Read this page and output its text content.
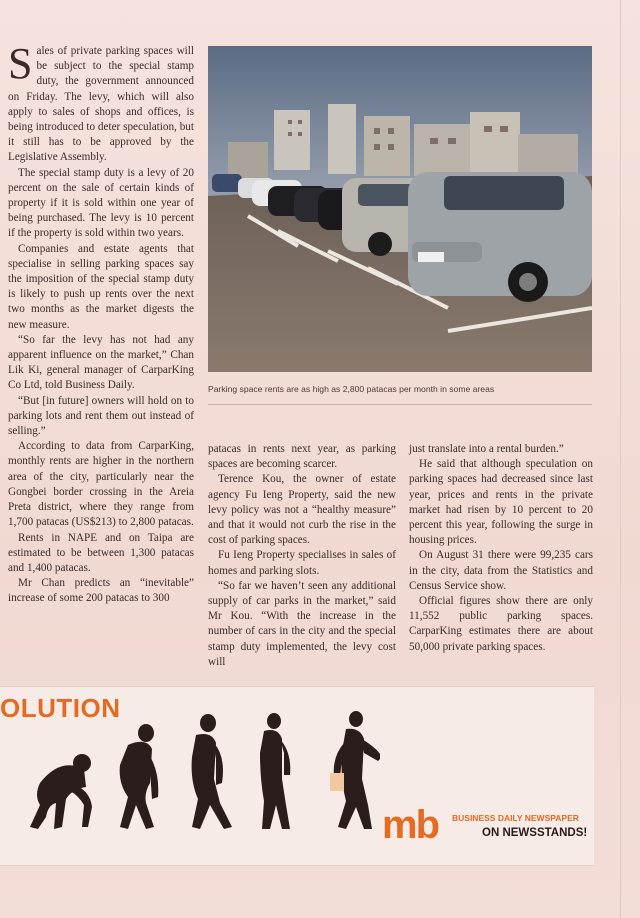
Sales of private parking spaces will be subject to the special stamp duty, the government announced on Friday. The levy, which will also apply to sales of shops and offices, is being introduced to deter speculation, but it still has to be approved by the Legislative Assembly.

The special stamp duty is a levy of 20 percent on the sale of certain kinds of property if it is sold within one year of being purchased. The levy is 10 percent if the property is sold within two years.

Companies and estate agents that specialise in selling parking spaces say the imposition of the special stamp duty is likely to push up rents over the next two months as the market digests the new measure.

“So far the levy has not had any apparent influence on the market,” Chan Lik Ki, general manager of CarparKing Co Ltd, told Business Daily.

“But [in future] owners will hold on to parking lots and rent them out instead of selling.”

According to data from CarparKing, monthly rents are higher in the northern area of the city, particularly near the Gongbei border crossing in the Areia Preta district, where they range from 1,700 patacas (US$213) to 2,800 patacas.

Rents in NAPE and on Taipa are estimated to be between 1,300 patacas and 1,400 patacas.

Mr Chan predicts an “inevitable” increase of some 200 patacas to 300

Parking space rents are as high as 2,800 patacas per month in some areas

patacas in rents next year, as parking spaces are becoming scarcer.

Terence Kou, the owner of estate agency Fu Ieng Property, said the new levy policy was not a “healthy measure” and that it would not curb the rise in the cost of parking spaces.

Fu Ieng Property specialises in sales of homes and parking slots.

“So far we haven’t seen any additional supply of car parks in the market,” said Mr Kou. “With the increase in the number of cars in the city and the special stamp duty implemented, the levy cost will

just translate into a rental burden.”

He said that although speculation on parking spaces had decreased since last year, prices and rents in the private market had risen by 10 percent to 20 percent this year, following the surge in housing prices.

On August 31 there were 99,235 cars in the city, data from the Statistics and Census Service show.

Official figures show there are only 11,552 public parking spaces. CarparKing estimates there are about 50,000 private parking spaces.

OLUTION
mb BUSINESS DAILY NEWSPAPER
ON NEWSSTANDS!
